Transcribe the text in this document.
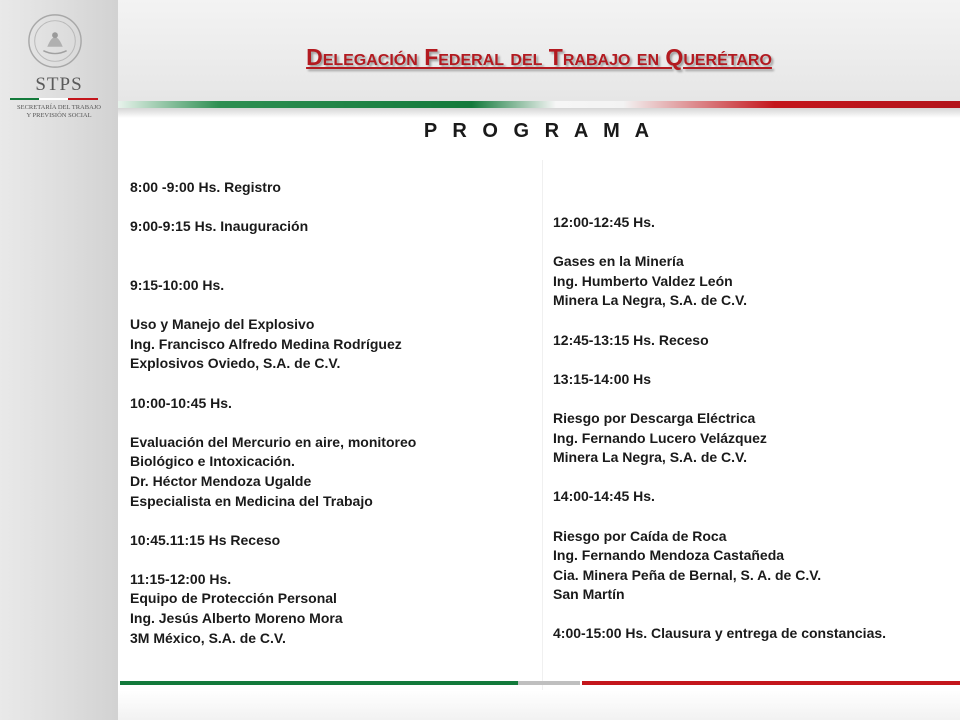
STPS
SECRETARÍA DEL TRABAJO
Y PREVISIÓN SOCIAL
Delegación Federal del Trabajo en Querétaro
P R O G R A M A
8:00 -9:00 Hs. Registro
9:00-9:15 Hs. Inauguración
9:15-10:00 Hs.
Uso y Manejo del Explosivo
Ing. Francisco Alfredo Medina Rodríguez
Explosivos Oviedo, S.A. de C.V.
10:00-10:45 Hs.
Evaluación del Mercurio en aire, monitoreo
Biológico e Intoxicación.
Dr. Héctor Mendoza Ugalde
Especialista en Medicina del Trabajo
10:45.11:15 Hs Receso
11:15-12:00 Hs.
Equipo de Protección Personal
Ing. Jesús Alberto Moreno Mora
3M México, S.A. de C.V.
12:00-12:45 Hs.
Gases en la Minería
Ing. Humberto Valdez León
Minera La Negra, S.A. de C.V.
12:45-13:15 Hs. Receso
13:15-14:00 Hs
Riesgo por Descarga Eléctrica
Ing. Fernando Lucero Velázquez
Minera La Negra, S.A. de C.V.
14:00-14:45 Hs.
Riesgo por Caída de Roca
Ing. Fernando Mendoza Castañeda
Cia. Minera Peña de Bernal, S. A. de C.V.
San Martín
4:00-15:00 Hs. Clausura y entrega de constancias.
